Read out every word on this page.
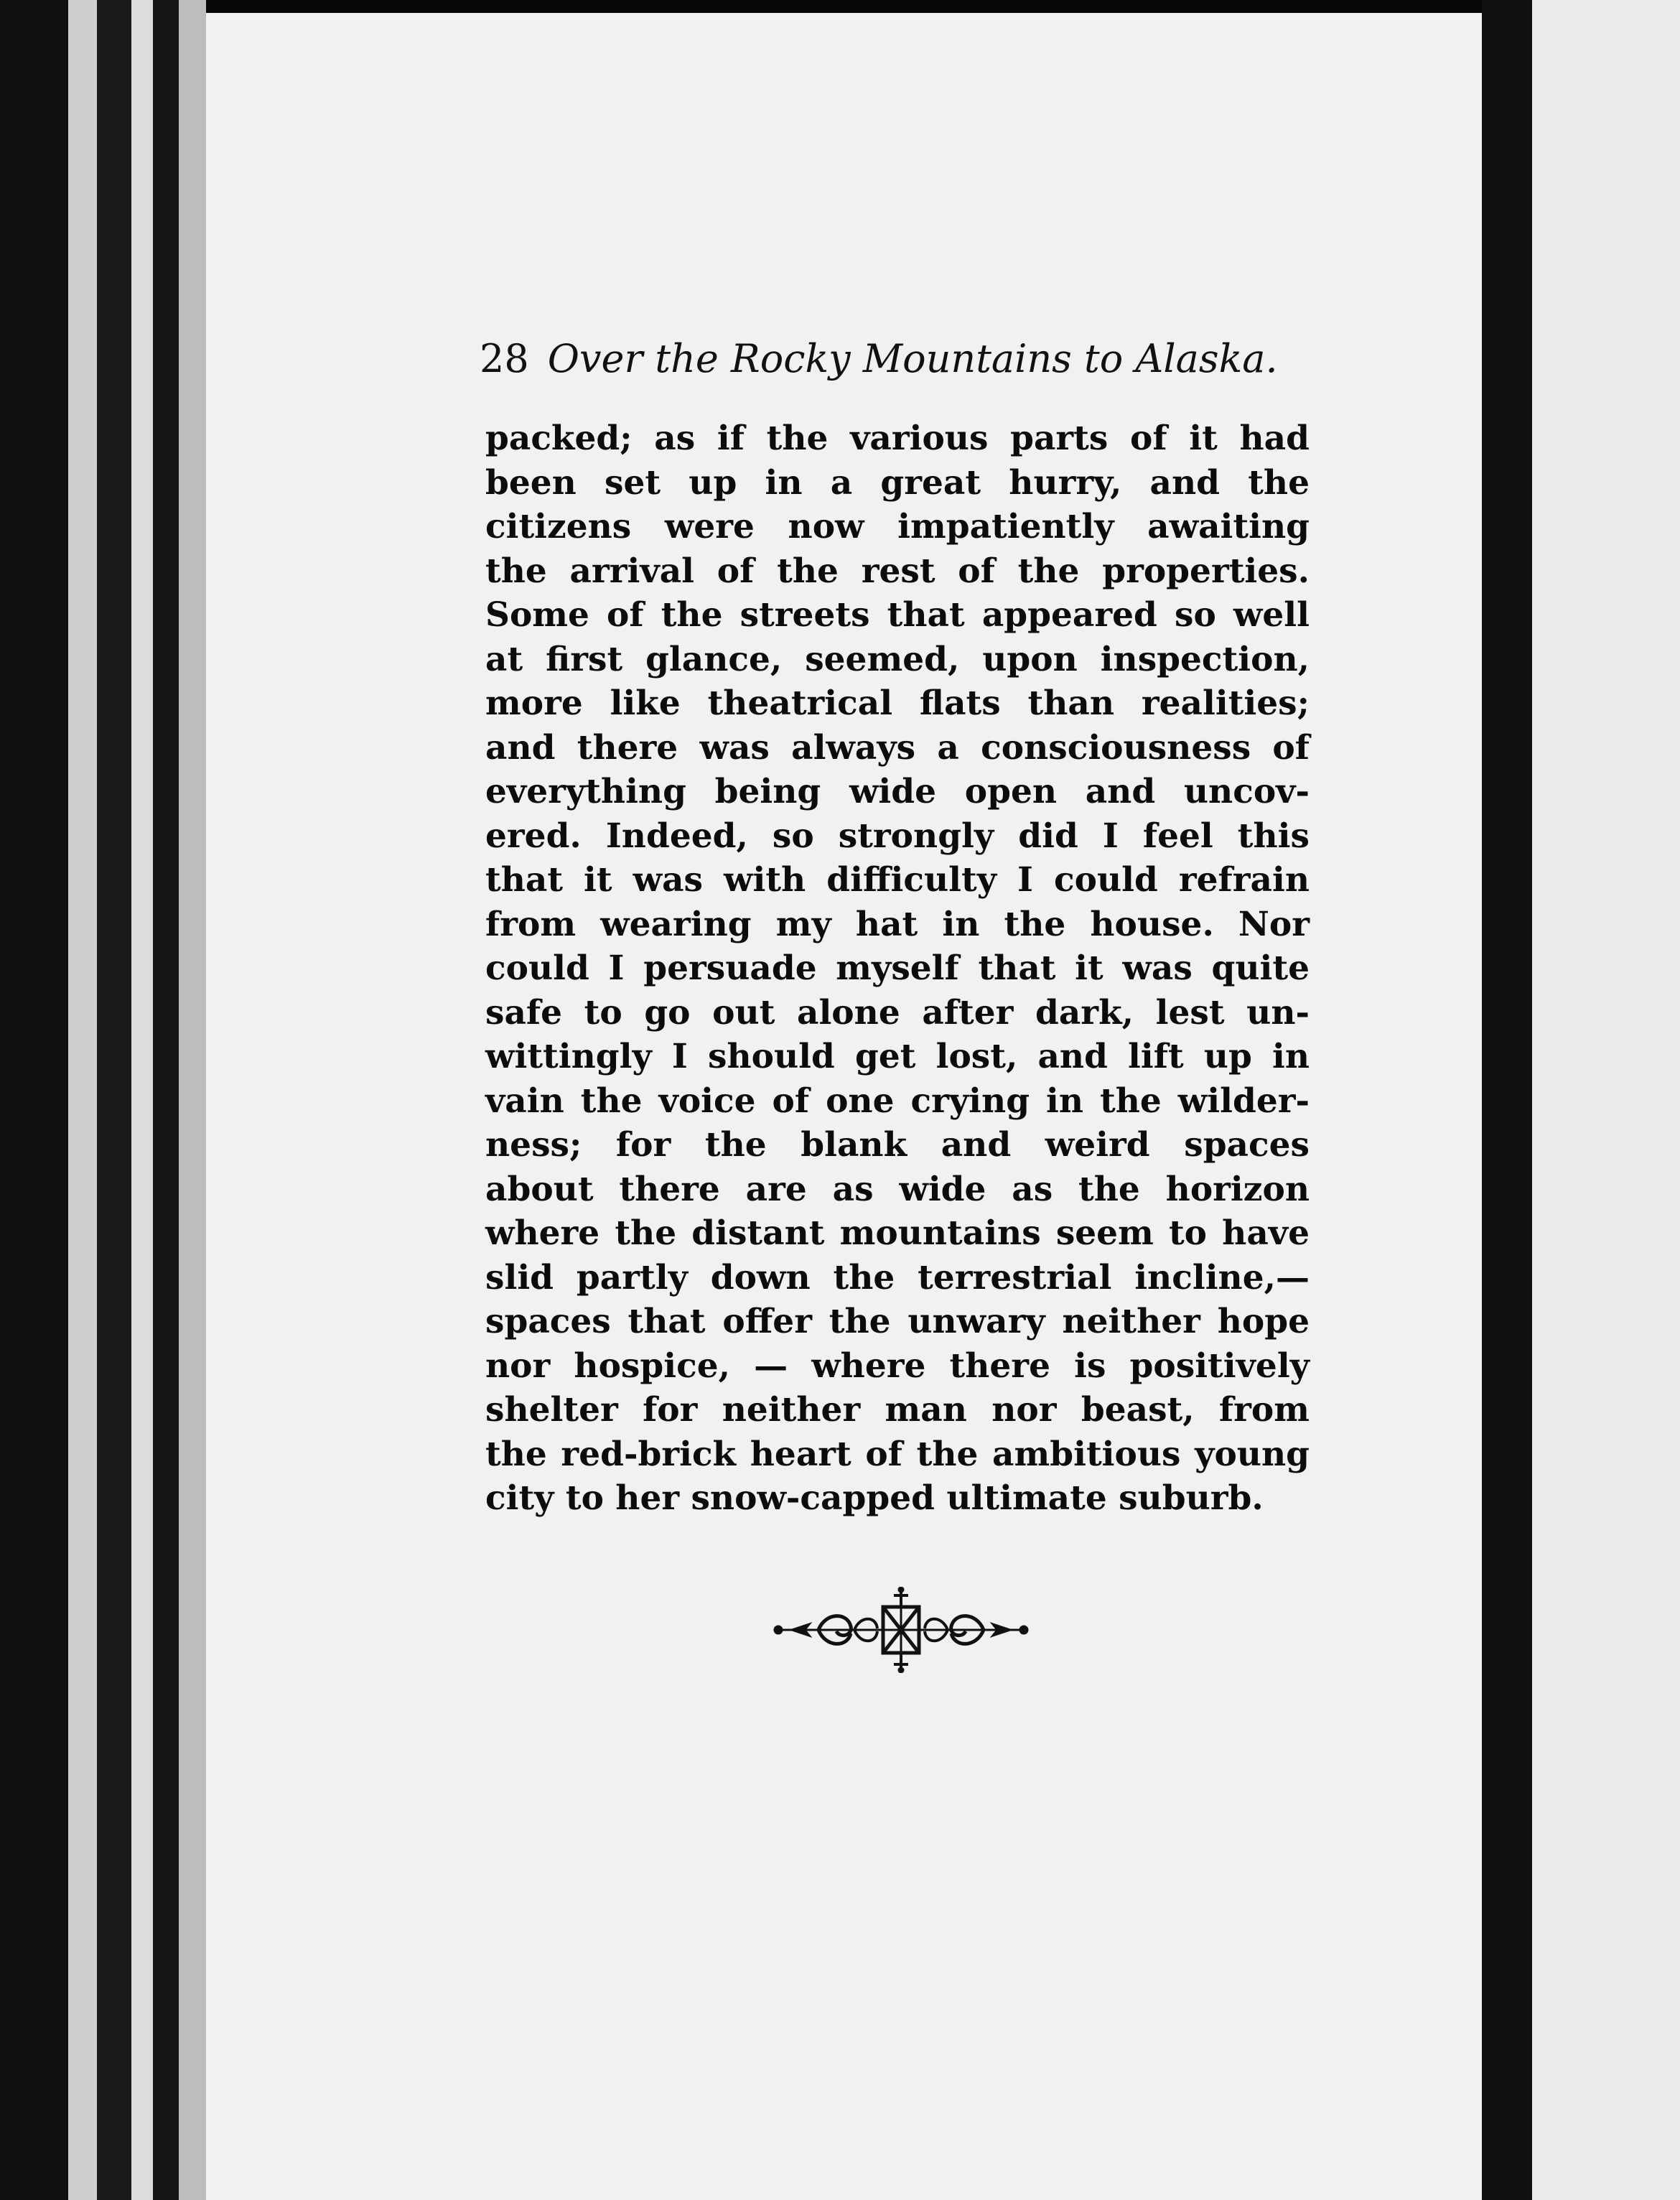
28 Over the Rocky Mountains to Alaska.
packed; as if the various parts of it had
been set up in a great hurry, and the
citizens were now impatiently awaiting
the arrival of the rest of the properties.
Some of the streets that appeared so well
at first glance, seemed, upon inspection,
more like theatrical flats than realities;
and there was always a consciousness of
everything being wide open and uncov-
ered. Indeed, so strongly did I feel this
that it was with difficulty I could refrain
from wearing my hat in the house. Nor
could I persuade myself that it was quite
safe to go out alone after dark, lest un-
wittingly I should get lost, and lift up in
vain the voice of one crying in the wilder-
ness; for the blank and weird spaces
about there are as wide as the horizon
where the distant mountains seem to have
slid partly down the terrestrial incline,—
spaces that offer the unwary neither hope
nor hospice, — where there is positively
shelter for neither man nor beast, from
the red-brick heart of the ambitious young
city to her snow-capped ultimate suburb.
